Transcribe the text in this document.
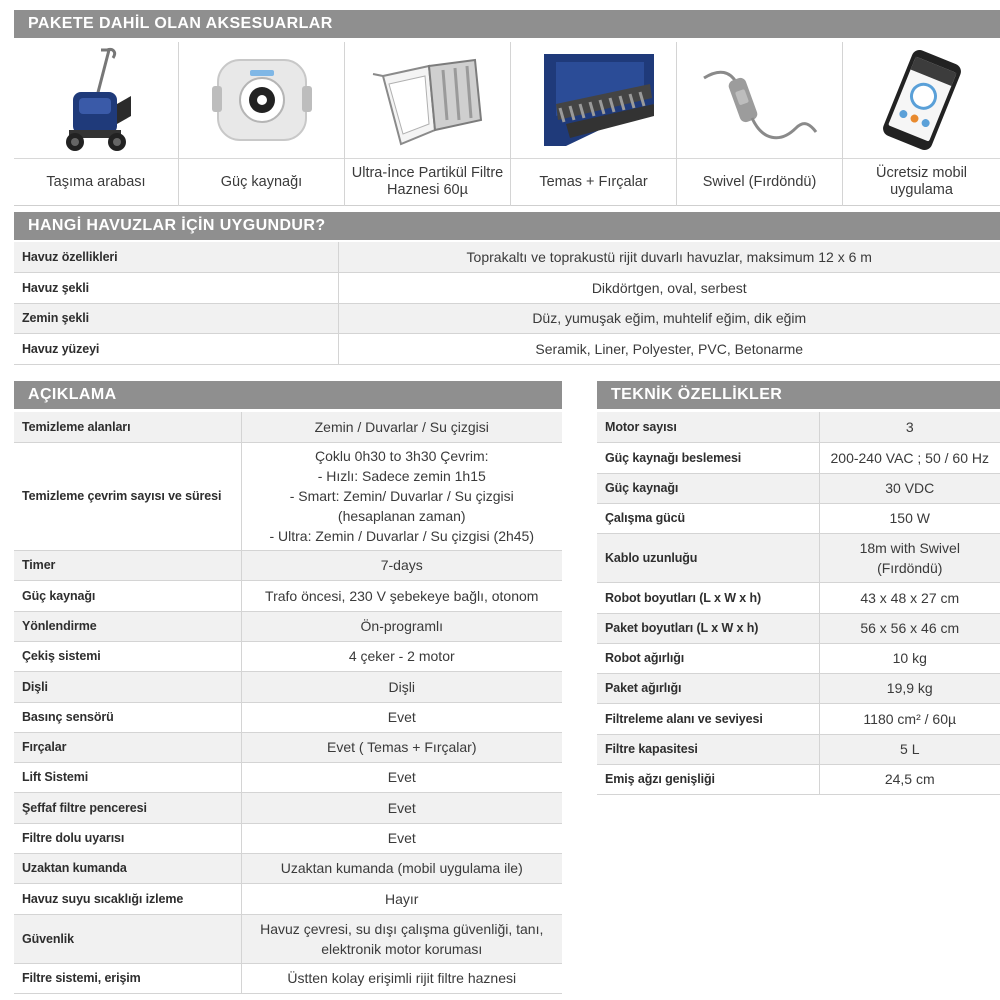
PAKETE DAHİL OLAN AKSESUARLAR
Taşıma arabası	Güç kaynağı
Ultra-İnce Partikül Filtre Haznesi 60µ
Temas + Fırçalar	Swivel (Fırdöndü)
Ücretsiz mobil uygulama
HANGİ HAVUZLAR İÇİN UYGUNDUR?
Havuz özellikleri	Toprakaltı ve toprakustü rijit duvarlı havuzlar, maksimum 12 x 6 m
Havuz şekli	Dikdörtgen, oval, serbest
Zemin şekli	Düz, yumuşak eğim, muhtelif eğim, dik eğim
Havuz yüzeyi	Seramik, Liner, Polyester, PVC, Betonarme
AÇIKLAMA
Temizleme alanları	Zemin / Duvarlar / Su çizgisi
Temizleme çevrim sayısı ve süresi	Çoklu 0h30 to 3h30 Çevrim:
- Hızlı: Sadece zemin 1h15
- Smart: Zemin/ Duvarlar / Su çizgisi
(hesaplanan zaman)
- Ultra: Zemin / Duvarlar / Su çizgisi (2h45)

Timer	7-days
Güç kaynağı	Trafo öncesi, 230 V şebekeye bağlı, otonom
Yönlendirme	Ön-programlı
Çekiş sistemi	4 çeker - 2 motor
Dişli	Dişli
Basınç sensörü	Evet
Fırçalar	Evet ( Temas + Fırçalar)
Lift Sistemi	Evet
Şeffaf filtre penceresi	Evet
Filtre dolu uyarısı	Evet
Uzaktan kumanda	Uzaktan kumanda (mobil uygulama ile)
Havuz suyu sıcaklığı izleme	Hayır
Güvenlik	Havuz çevresi, su dışı çalışma güvenliği, tanı,
elektronik motor koruması

Filtre sistemi, erişim	Üstten kolay erişimli rijit filtre haznesi
TEKNİK ÖZELLİKLER
Motor sayısı	3
Güç kaynağı beslemesi	200-240 VAC ; 50 / 60 Hz
Güç kaynağı	30 VDC
Çalışma gücü	150 W
Kablo uzunluğu	18m with Swivel
(Fırdöndü)

Robot boyutları (L x W x h)	43 x 48 x 27 cm
Paket boyutları (L x W x h)	56 x 56 x 46 cm
Robot ağırlığı	10 kg
Paket ağırlığı	19,9 kg
Filtreleme alanı ve seviyesi	1180 cm² / 60µ
Filtre kapasitesi	5 L
Emiş ağzı genişliği	24,5 cm
